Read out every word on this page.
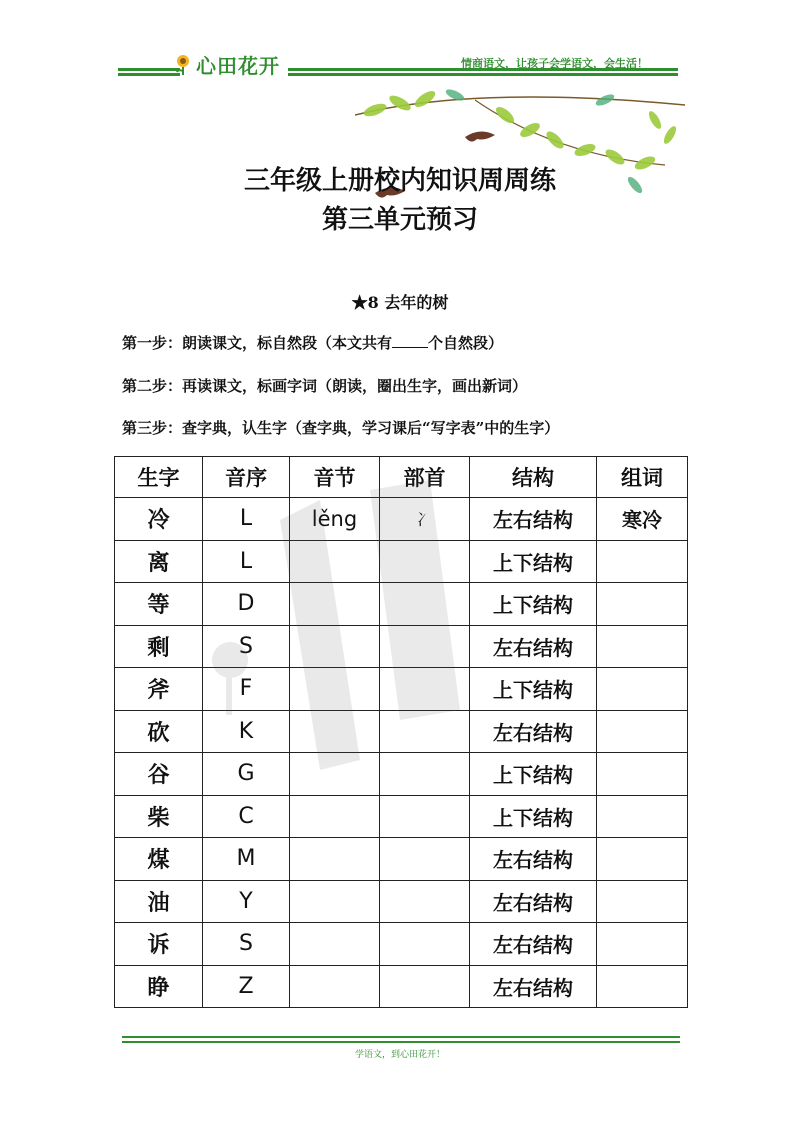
心田花开	情商语文，让孩子会学语文，会生活！
三年级上册校内知识周周练
第三单元预习
★8 去年的树
第一步：朗读课文，标自然段（本文共有 个自然段）
第二步：再读课文，标画字词（朗读，圈出生字，画出新词）
第三步：查字典，认生字（查字典，学习课后“写字表”中的生字）
生字	音序	音节	部首	结构	组词
冷	L	lěng	冫	左右结构	寒冷
离	L			上下结构	
等	D			上下结构	
剩	S			左右结构	
斧	F			上下结构	
砍	K			左右结构	
谷	G			上下结构	
柴	C			上下结构	
煤	M			左右结构	
油	Y			左右结构	
诉	S			左右结构	
睁	Z			左右结构	
学语文，到心田花开！
